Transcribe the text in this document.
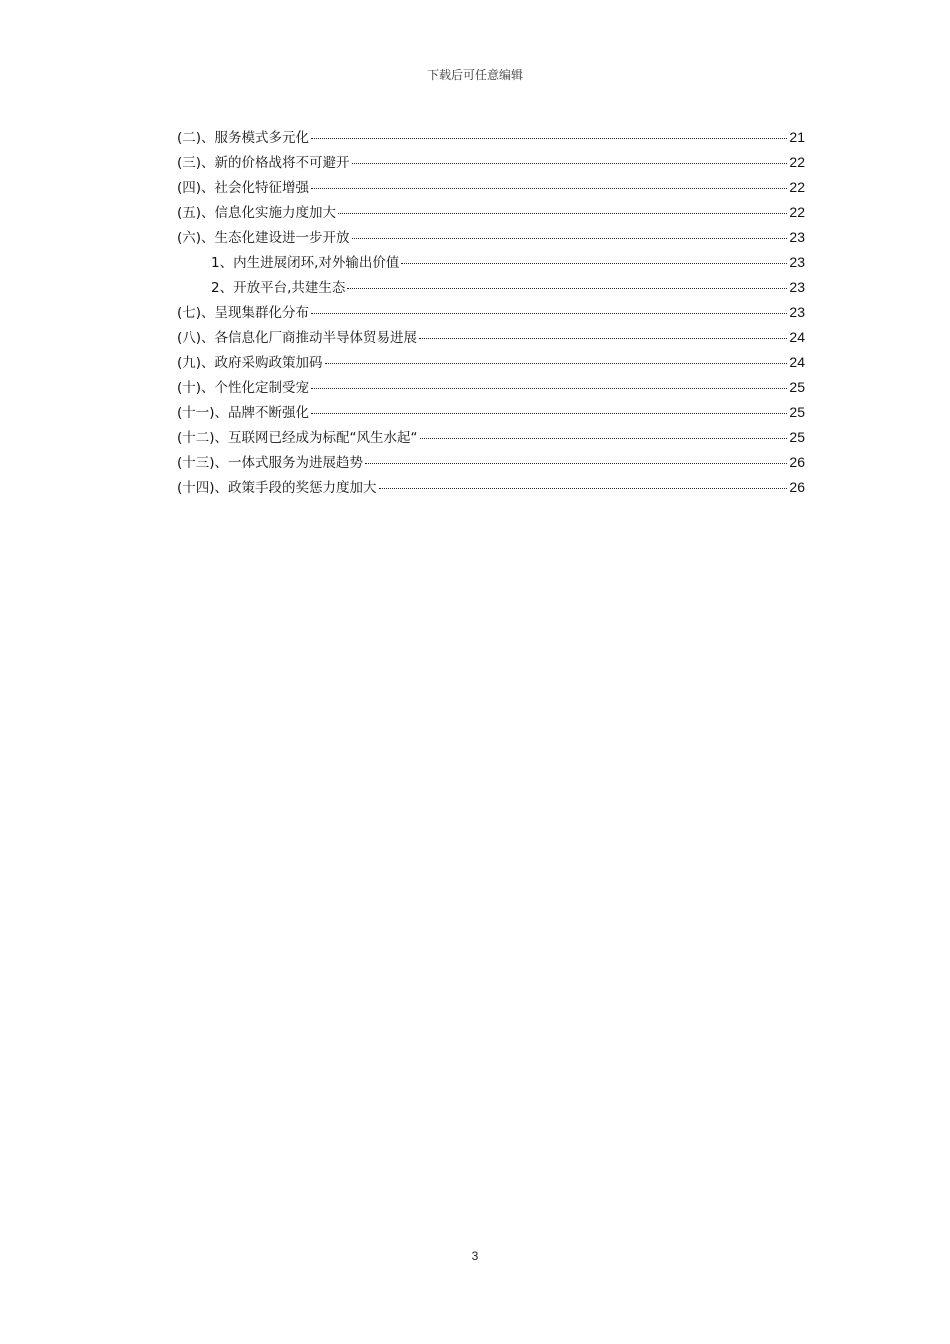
下载后可任意编辑
(二)、服务模式多元化	21
(三)、新的价格战将不可避开	22
(四)、社会化特征增强	22
(五)、信息化实施力度加大	22
(六)、生态化建设进一步开放	23
1、内生进展闭环,对外输出价值	23
2、开放平台,共建生态	23
(七)、呈现集群化分布	23
(八)、各信息化厂商推动半导体贸易进展	24
(九)、政府采购政策加码	24
(十)、个性化定制受宠	25
(十一)、品牌不断强化	25
(十二)、互联网已经成为标配“风生水起“	25
(十三)、一体式服务为进展趋势	26
(十四)、政策手段的奖惩力度加大	26
3
